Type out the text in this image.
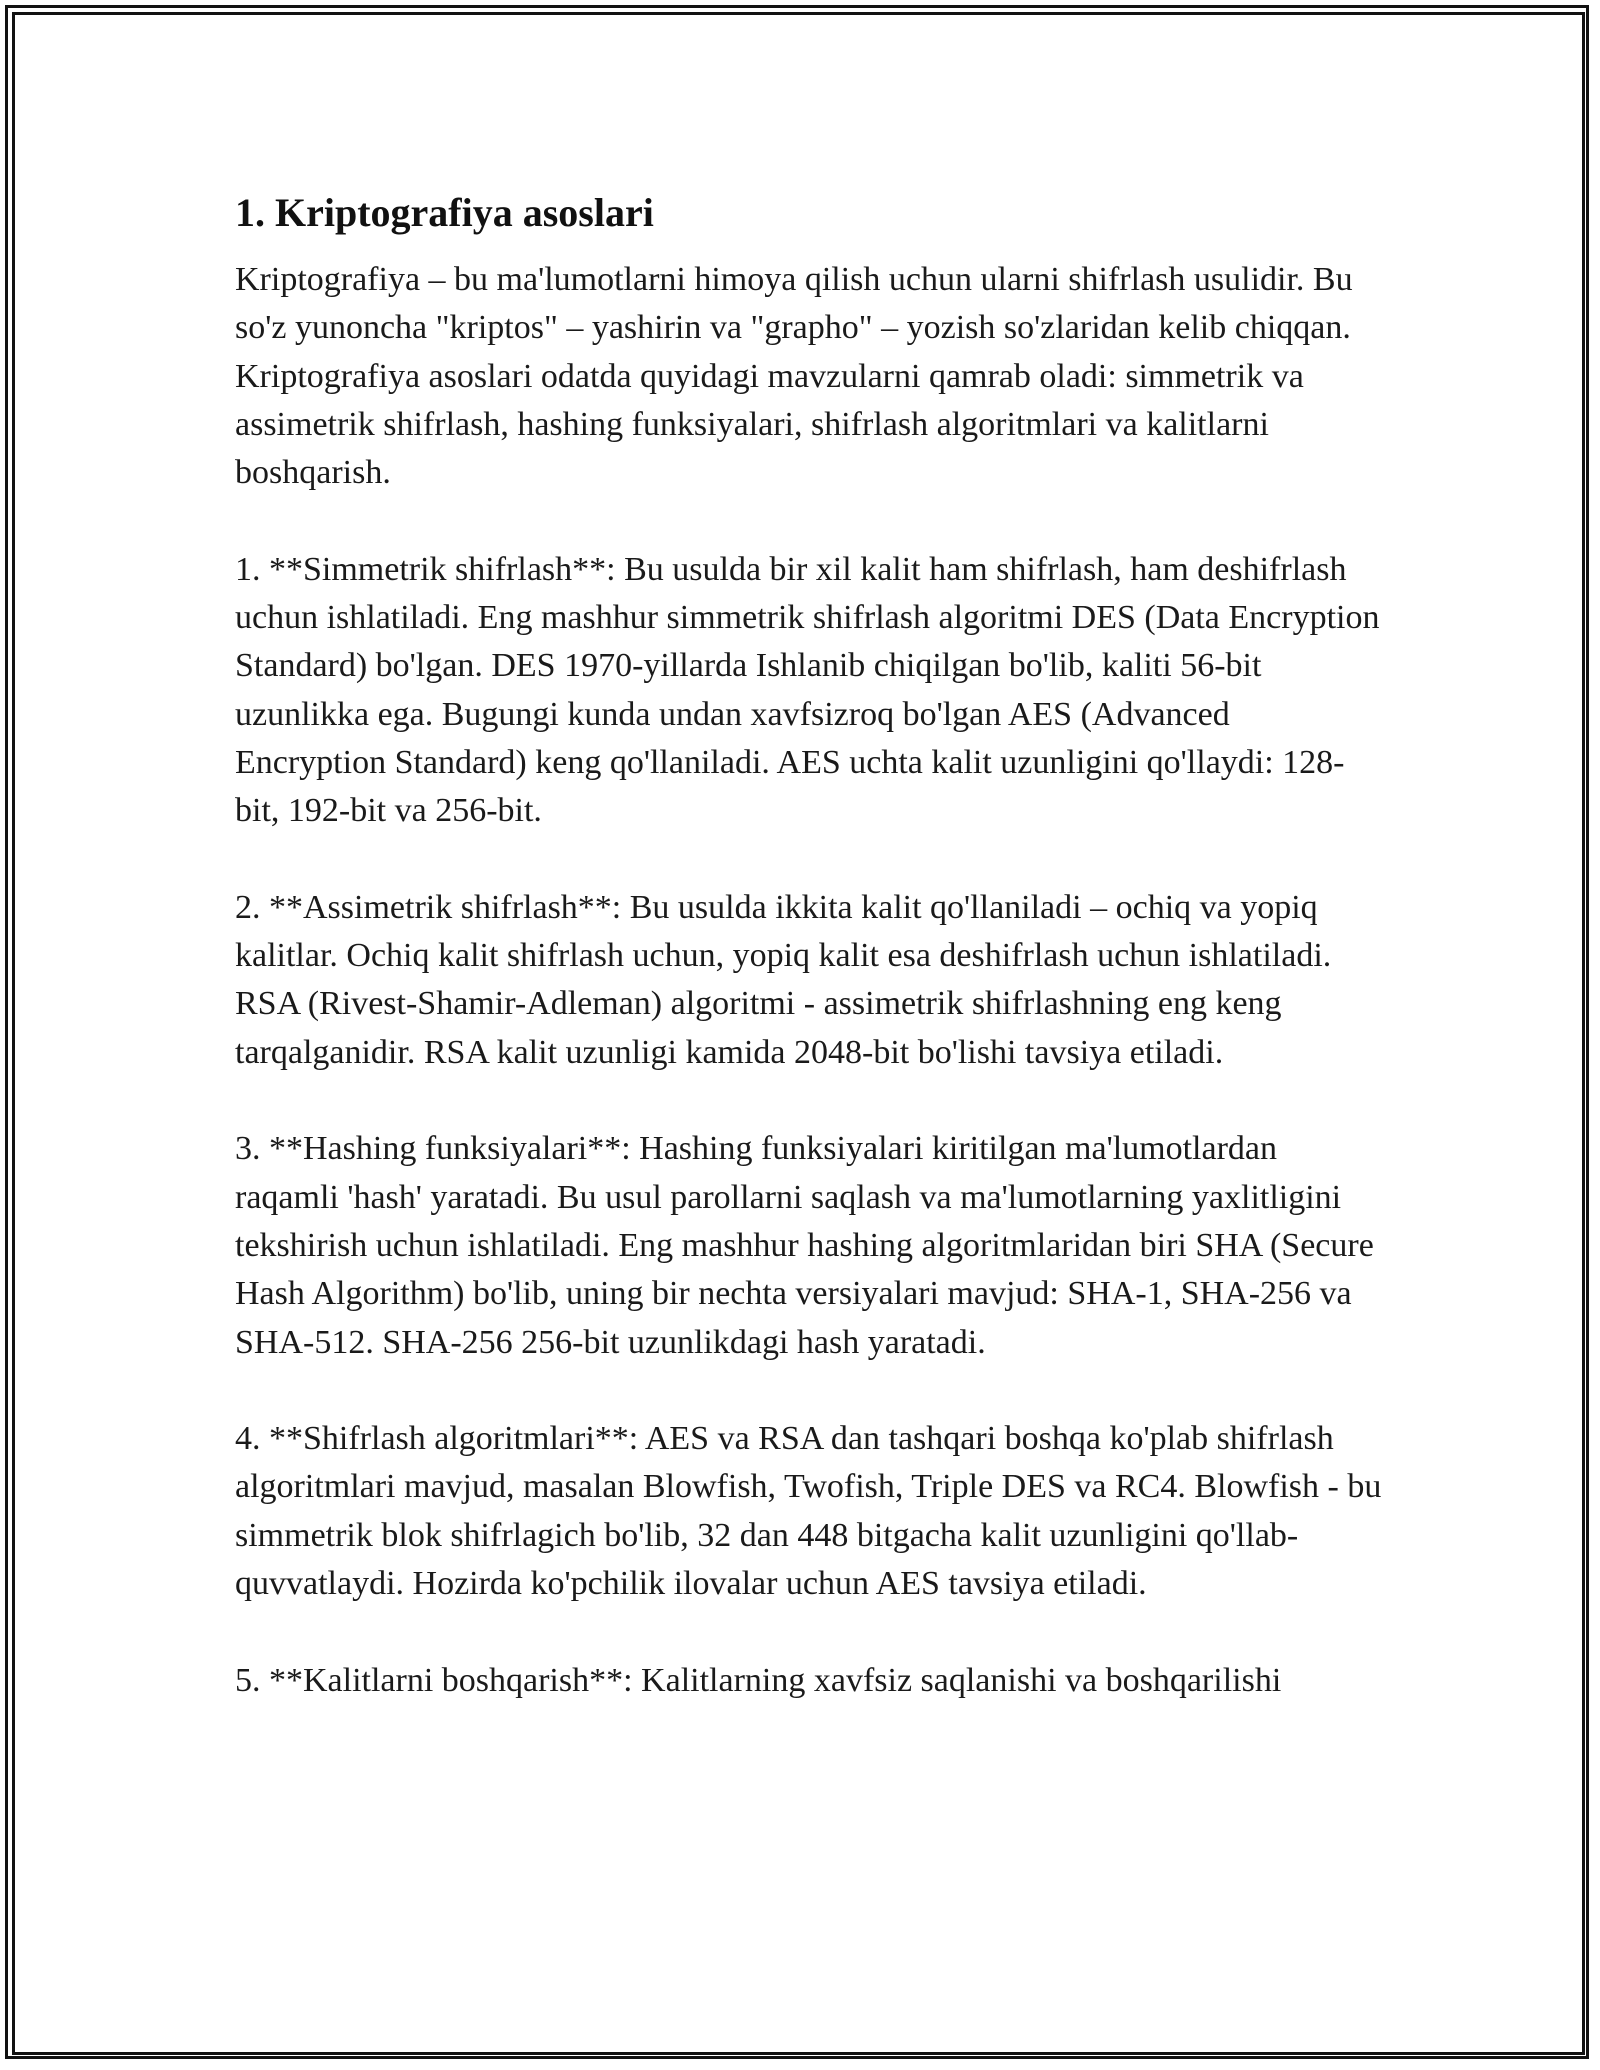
1. Kriptografiya asoslari

Kriptografiya – bu ma'lumotlarni himoya qilish uchun ularni shifrlash usulidir. Bu so'z yunoncha "kriptos" – yashirin va "grapho" – yozish so'zlaridan kelib chiqqan. Kriptografiya asoslari odatda quyidagi mavzularni qamrab oladi: simmetrik va assimetrik shifrlash, hashing funksiyalari, shifrlash algoritmlari va kalitlarni boshqarish.

1. **Simmetrik shifrlash**: Bu usulda bir xil kalit ham shifrlash, ham deshifrlash uchun ishlatiladi. Eng mashhur simmetrik shifrlash algoritmi DES (Data Encryption Standard) bo'lgan. DES 1970-yillarda Ishlanib chiqilgan bo'lib, kaliti 56-bit uzunlikka ega. Bugungi kunda undan xavfsizroq bo'lgan AES (Advanced Encryption Standard) keng qo'llaniladi. AES uchta kalit uzunligini qo'llaydi: 128-bit, 192-bit va 256-bit.

2. **Assimetrik shifrlash**: Bu usulda ikkita kalit qo'llaniladi – ochiq va yopiq kalitlar. Ochiq kalit shifrlash uchun, yopiq kalit esa deshifrlash uchun ishlatiladi. RSA (Rivest-Shamir-Adleman) algoritmi - assimetrik shifrlashning eng keng tarqalganidir. RSA kalit uzunligi kamida 2048-bit bo'lishi tavsiya etiladi.

3. **Hashing funksiyalari**: Hashing funksiyalari kiritilgan ma'lumotlardan raqamli 'hash' yaratadi. Bu usul parollarni saqlash va ma'lumotlarning yaxlitligini tekshirish uchun ishlatiladi. Eng mashhur hashing algoritmlaridan biri SHA (Secure Hash Algorithm) bo'lib, uning bir nechta versiyalari mavjud: SHA-1, SHA-256 va SHA-512. SHA-256 256-bit uzunlikdagi hash yaratadi.

4. **Shifrlash algoritmlari**: AES va RSA dan tashqari boshqa ko'plab shifrlash algoritmlari mavjud, masalan Blowfish, Twofish, Triple DES va RC4. Blowfish - bu simmetrik blok shifrlagich bo'lib, 32 dan 448 bitgacha kalit uzunligini qo'llab-quvvatlaydi. Hozirda ko'pchilik ilovalar uchun AES tavsiya etiladi.

5. **Kalitlarni boshqarish**: Kalitlarning xavfsiz saqlanishi va boshqarilishi
